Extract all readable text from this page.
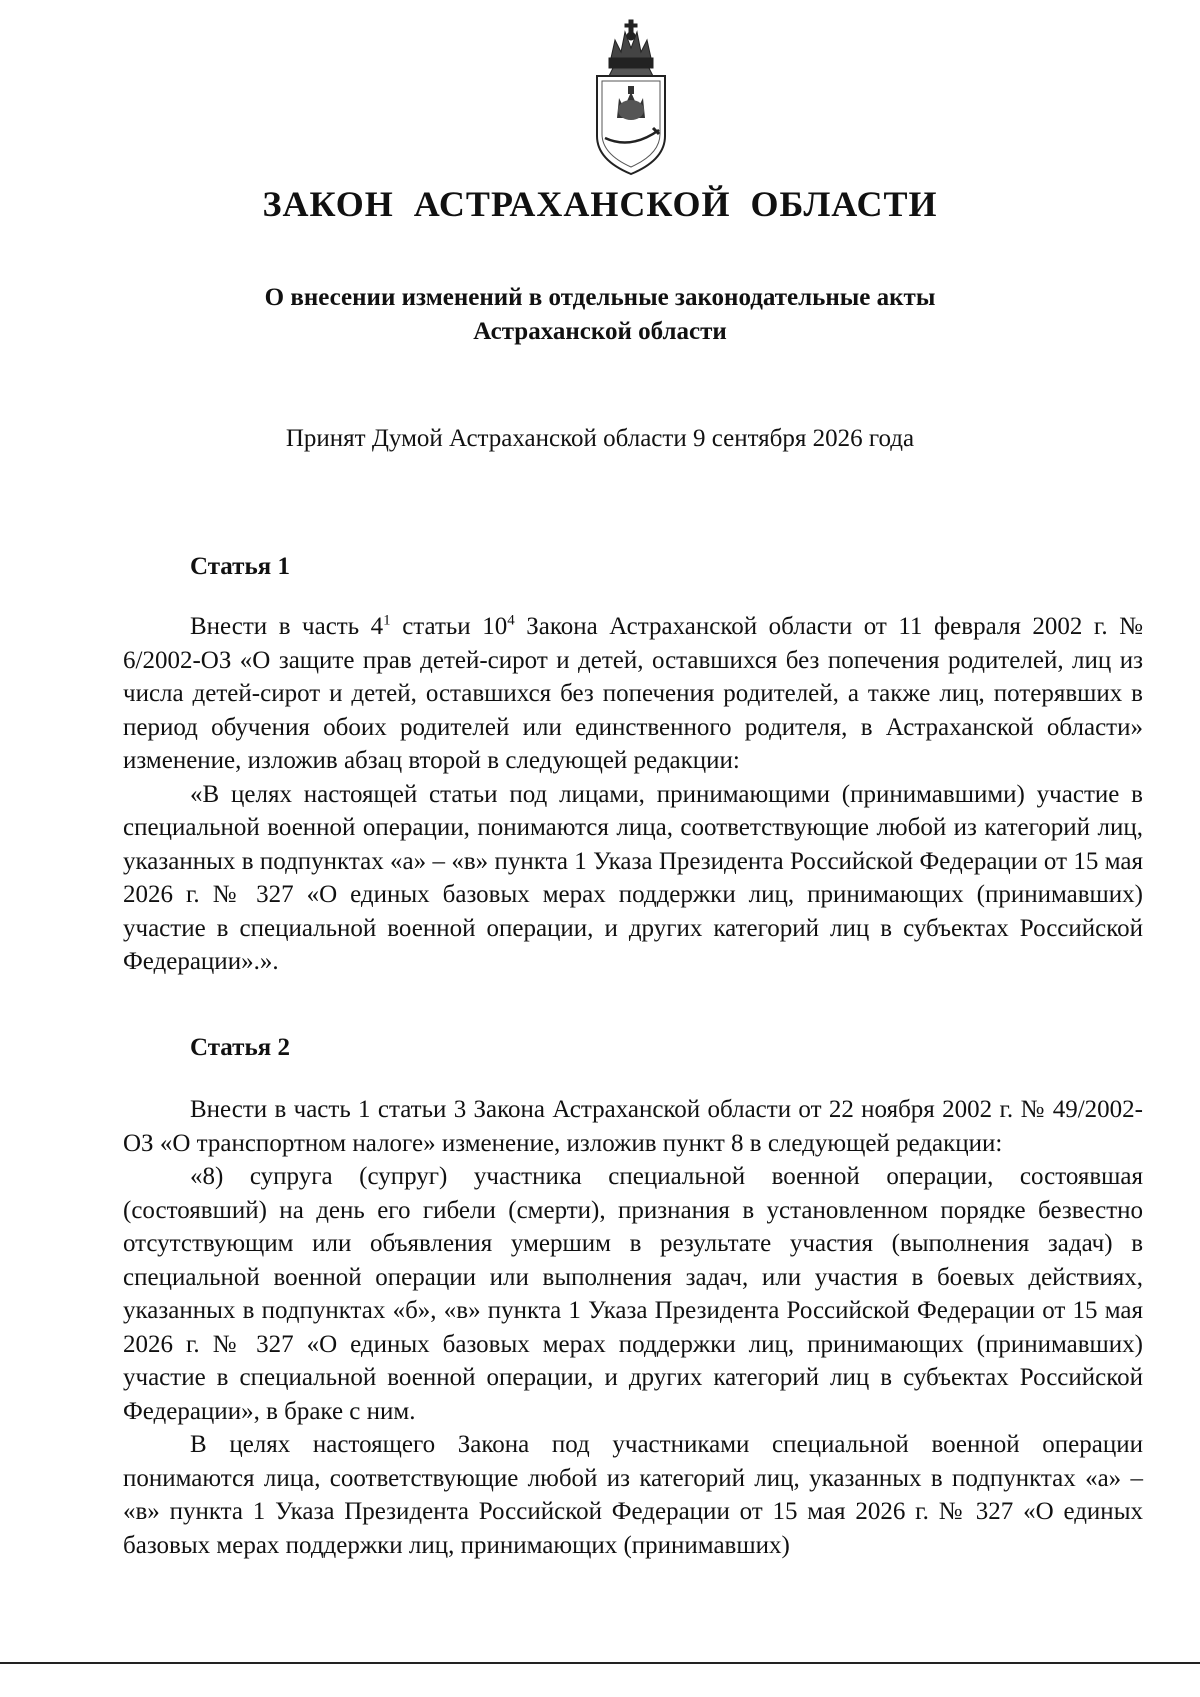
ЗАКОН АСТРАХАНСКОЙ ОБЛАСТИ
О внесении изменений в отдельные законодательные акты
Астраханской области
Принят Думой Астраханской области 9 сентября 2026 года
Статья 1

Внести в часть $4^1$ статьи $10^4$ Закона Астраханской области от 11 февраля 2002 г. № 6/2002-ОЗ «О защите прав детей-сирот и детей, оставшихся без попечения родителей, лиц из числа детей-сирот и детей, оставшихся без попечения родителей, а также лиц, потерявших в период обучения обоих родителей или единственного родителя, в Астраханской области» изменение, изложив абзац второй в следующей редакции:

«В целях настоящей статьи под лицами, принимающими (принимавшими) участие в специальной военной операции, понимаются лица, соответствующие любой из категорий лиц, указанных в подпунктах «а» – «в» пункта 1 Указа Президента Российской Федерации от 15 мая 2026 г. № 327 «О единых базовых мерах поддержки лиц, принимающих (принимавших) участие в специальной военной операции, и других категорий лиц в субъектах Российской Федерации».».

Статья 2

Внести в часть 1 статьи 3 Закона Астраханской области от 22 ноября 2002 г. № 49/2002-ОЗ «О транспортном налоге» изменение, изложив пункт 8 в следующей редакции:

«8) супруга (супруг) участника специальной военной операции, состоявшая (состоявший) на день его гибели (смерти), признания в установленном порядке безвестно отсутствующим или объявления умершим в результате участия (выполнения задач) в специальной военной операции или выполнения задач, или участия в боевых действиях, указанных в подпунктах «б», «в» пункта 1 Указа Президента Российской Федерации от 15 мая 2026 г. № 327 «О единых базовых мерах поддержки лиц, принимающих (принимавших) участие в специальной военной операции, и других категорий лиц в субъектах Российской Федерации», в браке с ним.

В целях настоящего Закона под участниками специальной военной операции понимаются лица, соответствующие любой из категорий лиц, указанных в подпунктах «а» – «в» пункта 1 Указа Президента Российской Федерации от 15 мая 2026 г. № 327 «О единых базовых мерах поддержки лиц, принимающих (принимавших)
